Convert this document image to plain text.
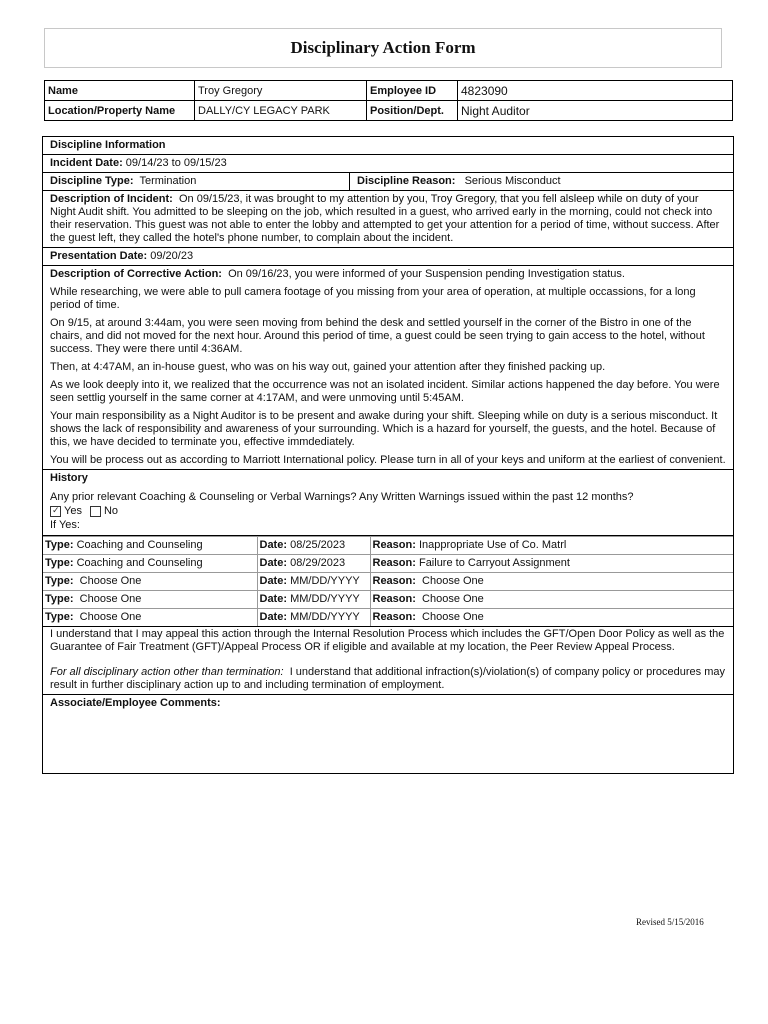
Disciplinary Action Form
Name	Troy Gregory	Employee ID	4823090
Location/Property Name	DALLY/CY LEGACY PARK	Position/Dept.	Night Auditor
Discipline Information
Incident Date: 09/14/23 to 09/15/23
Discipline Type: Termination	Discipline Reason: Serious Misconduct
Description of Incident: On 09/15/23, it was brought to my attention by you, Troy Gregory, that you fell alsleep while on duty of your Night Audit shift. You admitted to be sleeping on the job, which resulted in a guest, who arrived early in the morning, could not check into their reservation. This guest was not able to enter the lobby and attempted to get your attention for a period of time, without success. After the guest left, they called the hotel's phone number, to complain about the incident.
Presentation Date: 09/20/23

Description of Corrective Action: On 09/16/23, you were informed of your Suspension pending Investigation status.

While researching, we were able to pull camera footage of you missing from your area of operation, at multiple occassions, for a long period of time.

On 9/15, at around 3:44am, you were seen moving from behind the desk and settled yourself in the corner of the Bistro in one of the chairs, and did not moved for the next hour. Around this period of time, a guest could be seen trying to gain access to the hotel, without success. They were there until 4:36AM.

Then, at 4:47AM, an in-house guest, who was on his way out, gained your attention after they finished packing up.

As we look deeply into it, we realized that the occurrence was not an isolated incident. Similar actions happened the day before. You were seen settlig yourself in the same corner at 4:17AM, and were unmoving until 5:45AM.

Your main responsibility as a Night Auditor is to be present and awake during your shift. Sleeping while on duty is a serious misconduct. It shows the lack of responsibility and awareness of your surrounding. Which is a hazard for yourself, the guests, and the hotel. Because of this, we have decided to terminate you, effective immdediately.

You will be process out as according to Marriott International policy. Please turn in all of your keys and uniform at the earliest of convenient.

History
Any prior relevant Coaching & Counseling or Verbal Warnings? Any Written Warnings issued within the past 12 months?
✓
Yes No
If Yes:
Type: Coaching and Counseling	Date: 08/25/2023	Reason: Inappropriate Use of Co. Matrl
Type: Coaching and Counseling	Date: 08/29/2023	Reason: Failure to Carryout Assignment
Type: Choose One	Date: MM/DD/YYYY	Reason: Choose One
Type: Choose One	Date: MM/DD/YYYY	Reason: Choose One
Type: Choose One	Date: MM/DD/YYYY	Reason: Choose One

I understand that I may appeal this action through the Internal Resolution Process which includes the GFT/Open Door Policy as well as the Guarantee of Fair Treatment (GFT)/Appeal Process OR if eligible and available at my location, the Peer Review Appeal Process.

For all disciplinary action other than termination: I understand that additional infraction(s)/violation(s) of company policy or procedures may result in further disciplinary action up to and including termination of employment.

Associate/Employee Comments:
Revised 5/15/2016
